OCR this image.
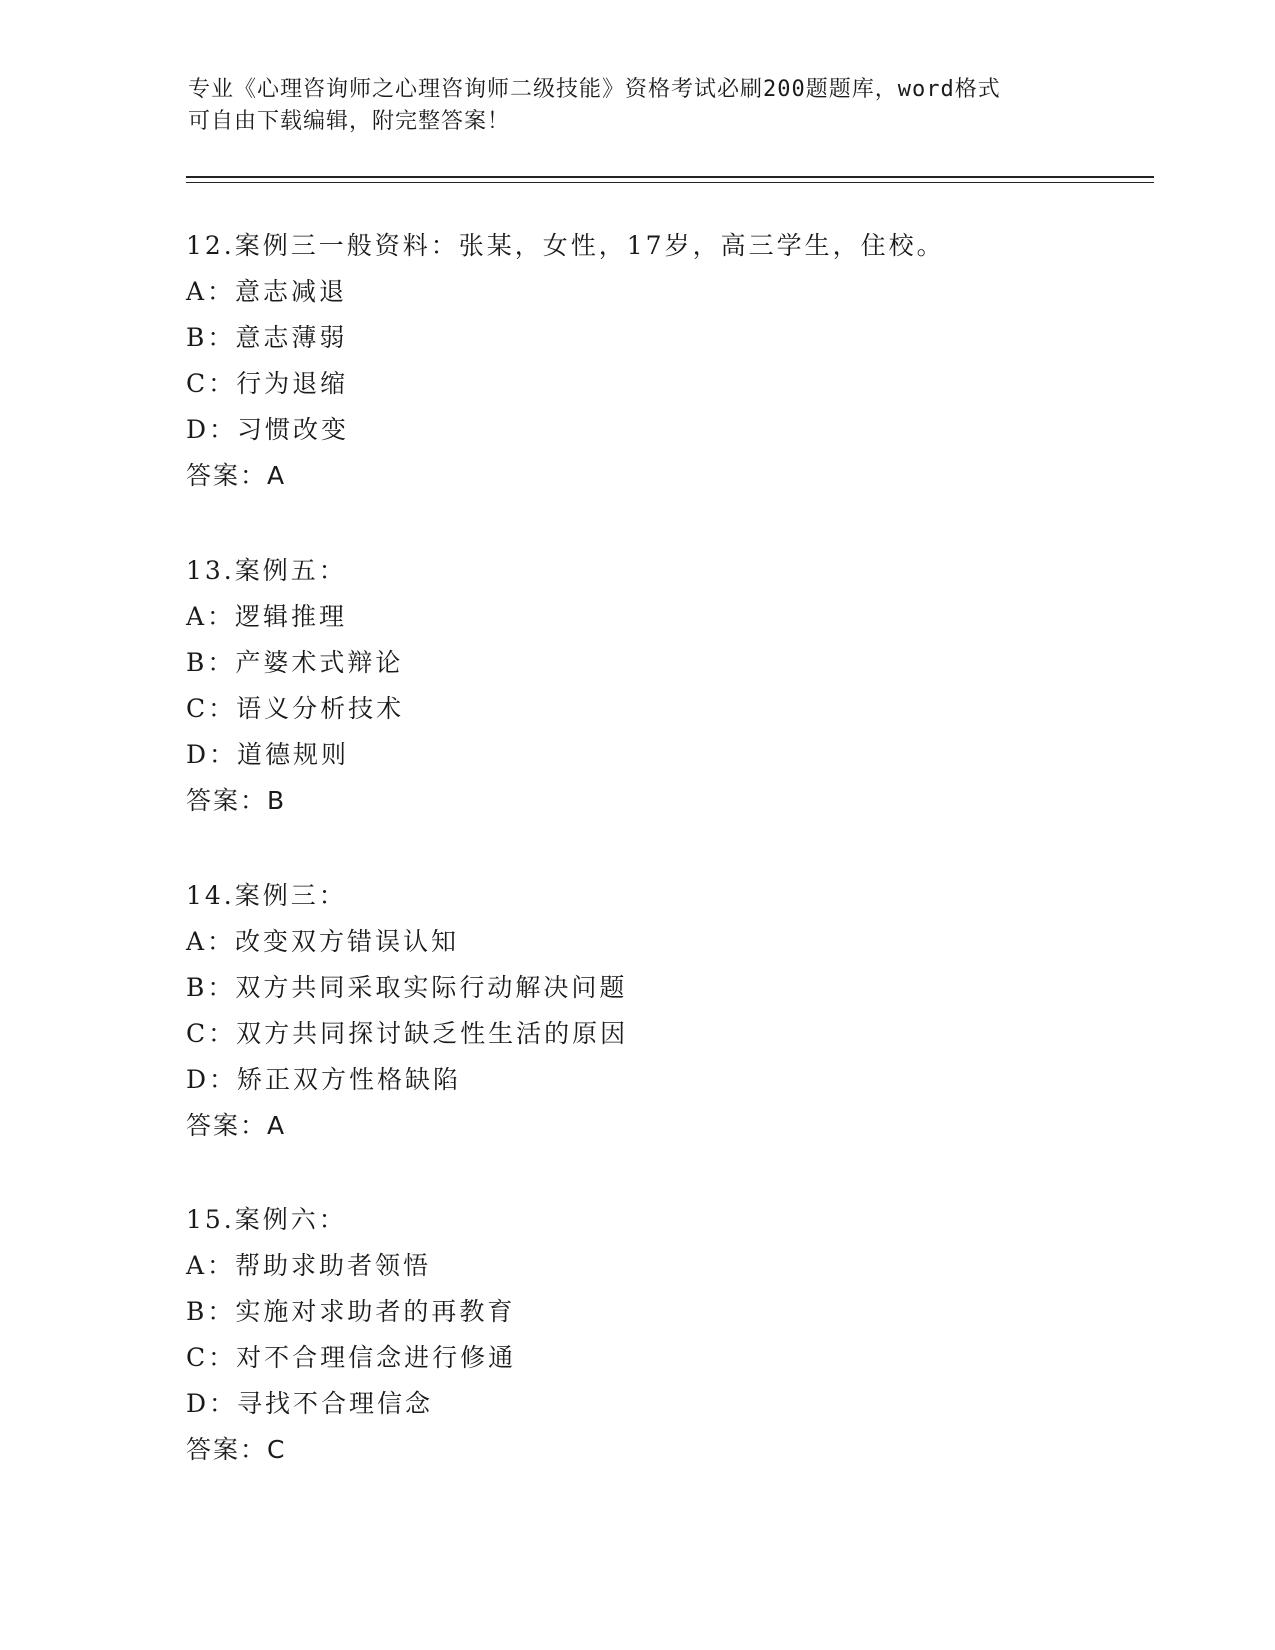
专业《心理咨询师之心理咨询师二级技能》资格考试必刷200题题库，word格式
可自由下载编辑，附完整答案！
12.案例三一般资料：张某，女性，17岁，高三学生，住校。
A：意志减退
B：意志薄弱
C：行为退缩
D：习惯改变
答案：A
13.案例五：
A：逻辑推理
B：产婆术式辩论
C：语义分析技术
D：道德规则
答案：B
14.案例三：
A：改变双方错误认知
B：双方共同采取实际行动解决问题
C：双方共同探讨缺乏性生活的原因
D：矫正双方性格缺陷
答案：A
15.案例六：
A：帮助求助者领悟
B：实施对求助者的再教育
C：对不合理信念进行修通
D：寻找不合理信念
答案：C
